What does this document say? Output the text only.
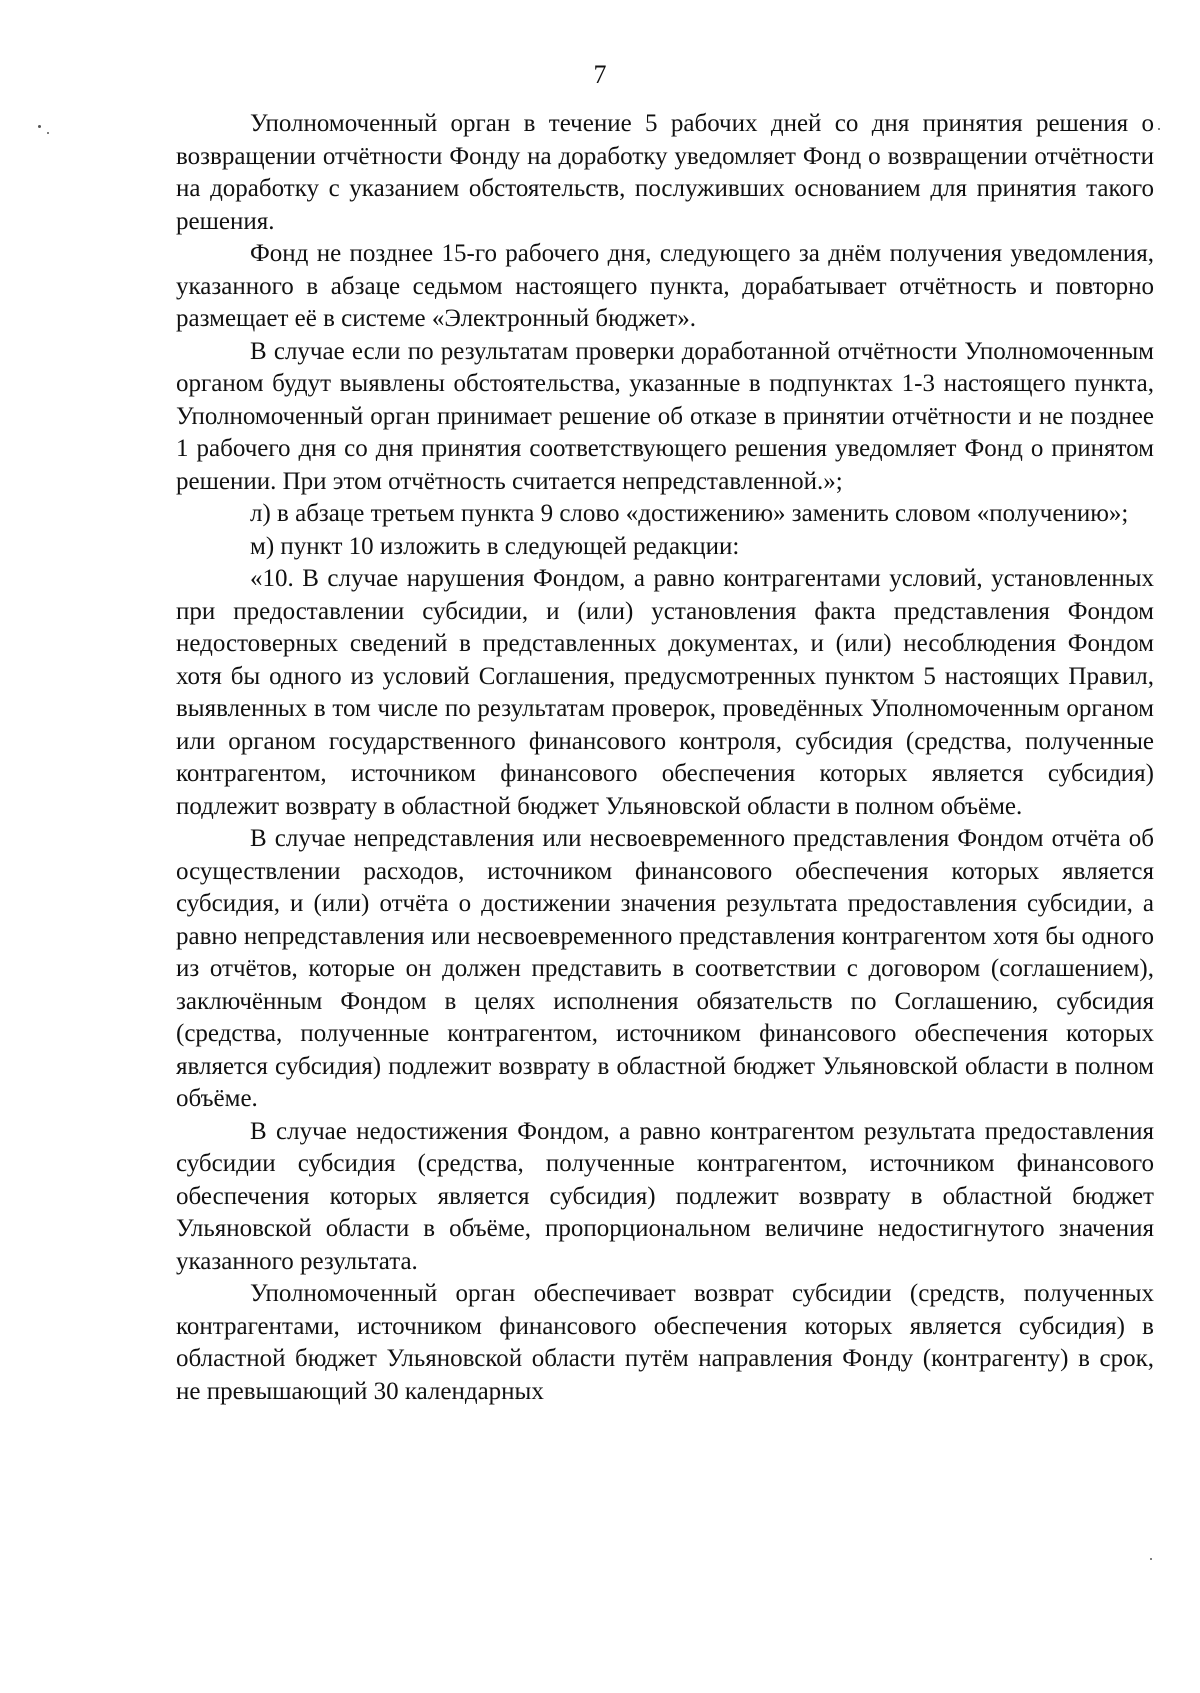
7

Уполномоченный орган в течение 5 рабочих дней со дня принятия решения о возвращении отчётности Фонду на доработку уведомляет Фонд о возвращении отчётности на доработку с указанием обстоятельств, послуживших основанием для принятия такого решения.

Фонд не позднее 15-го рабочего дня, следующего за днём получения уведомления, указанного в абзаце седьмом настоящего пункта, дорабатывает отчётность и повторно размещает её в системе «Электронный бюджет».

В случае если по результатам проверки доработанной отчётности Уполномоченным органом будут выявлены обстоятельства, указанные в подпунктах 1-3 настоящего пункта, Уполномоченный орган принимает решение об отказе в принятии отчётности и не позднее 1 рабочего дня со дня принятия соответствующего решения уведомляет Фонд о принятом решении. При этом отчётность считается непредставленной.»;

л) в абзаце третьем пункта 9 слово «достижению» заменить словом «получению»;

м) пункт 10 изложить в следующей редакции:

«10. В случае нарушения Фондом, а равно контрагентами условий, установленных при предоставлении субсидии, и (или) установления факта представления Фондом недостоверных сведений в представленных документах, и (или) несоблюдения Фондом хотя бы одного из условий Соглашения, предусмотренных пунктом 5 настоящих Правил, выявленных в том числе по результатам проверок, проведённых Уполномоченным органом или органом государственного финансового контроля, субсидия (средства, полученные контрагентом, источником финансового обеспечения которых является субсидия) подлежит возврату в областной бюджет Ульяновской области в полном объёме.

В случае непредставления или несвоевременного представления Фондом отчёта об осуществлении расходов, источником финансового обеспечения которых является субсидия, и (или) отчёта о достижении значения результата предоставления субсидии, а равно непредставления или несвоевременного представления контрагентом хотя бы одного из отчётов, которые он должен представить в соответствии с договором (соглашением), заключённым Фондом в целях исполнения обязательств по Соглашению, субсидия (средства, полученные контрагентом, источником финансового обеспечения которых является субсидия) подлежит возврату в областной бюджет Ульяновской области в полном объёме.

В случае недостижения Фондом, а равно контрагентом результата предоставления субсидии субсидия (средства, полученные контрагентом, источником финансового обеспечения которых является субсидия) подлежит возврату в областной бюджет Ульяновской области в объёме, пропорциональном величине недостигнутого значения указанного результата.

Уполномоченный орган обеспечивает возврат субсидии (средств, полученных контрагентами, источником финансового обеспечения которых является субсидия) в областной бюджет Ульяновской области путём направления Фонду (контрагенту) в срок, не превышающий 30 календарных
